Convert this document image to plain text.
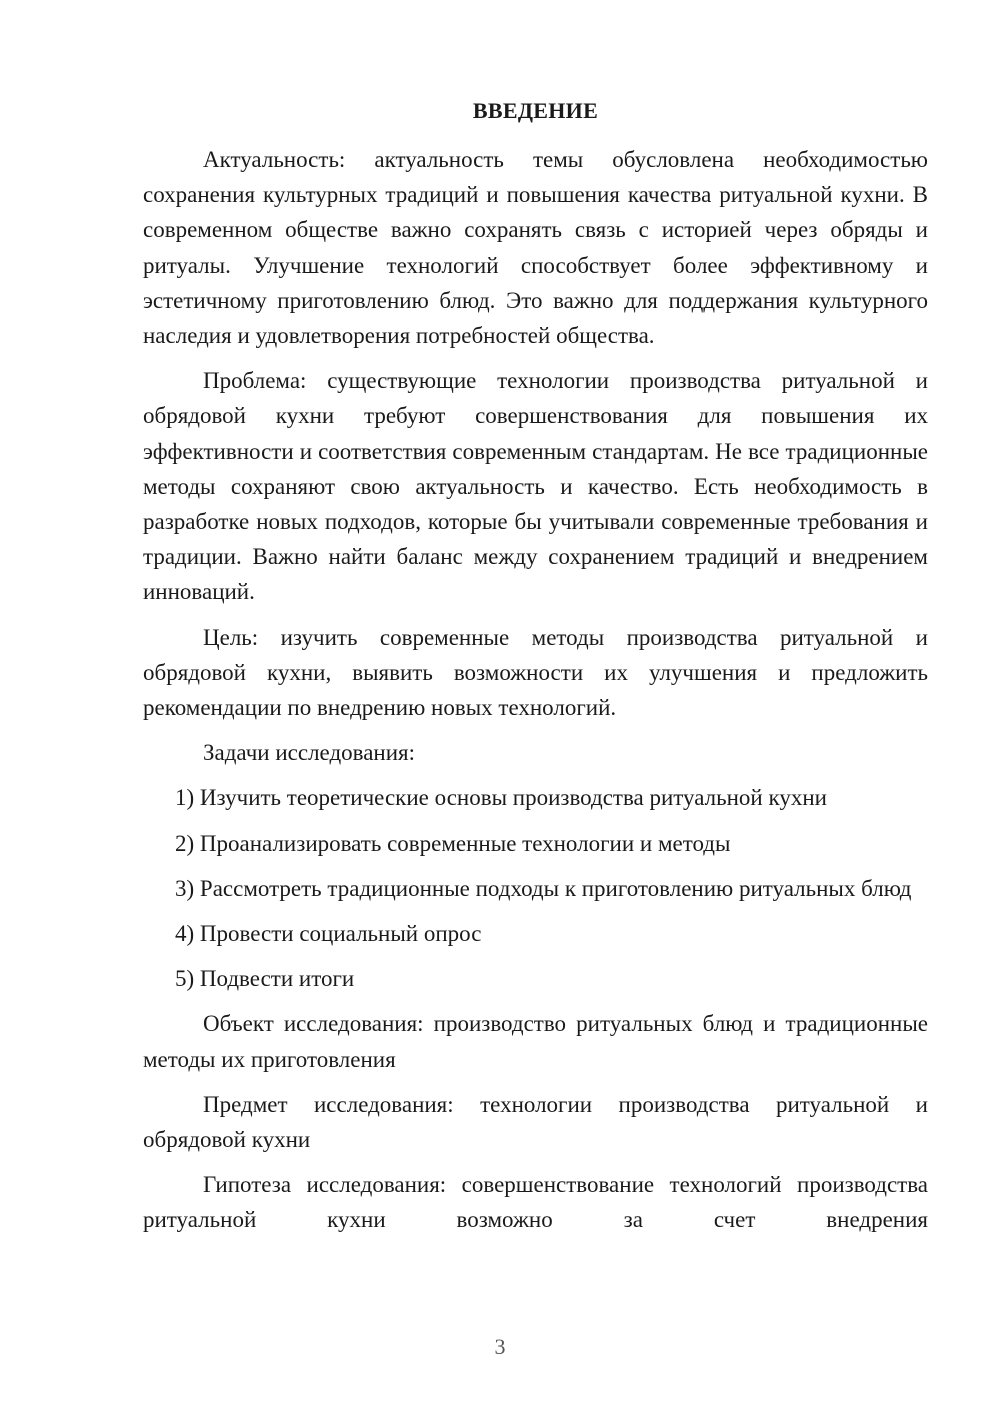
ВВЕДЕНИЕ

Актуальность: актуальность темы обусловлена необходимостью сохранения культурных традиций и повышения качества ритуальной кухни. В современном обществе важно сохранять связь с историей через обряды и ритуалы. Улучшение технологий способствует более эффективному и эстетичному приготовлению блюд. Это важно для поддержания культурного наследия и удовлетворения потребностей общества.

Проблема: существующие технологии производства ритуальной и обрядовой кухни требуют совершенствования для повышения их эффективности и соответствия современным стандартам. Не все традиционные методы сохраняют свою актуальность и качество. Есть необходимость в разработке новых подходов, которые бы учитывали современные требования и традиции. Важно найти баланс между сохранением традиций и внедрением инноваций.

Цель: изучить современные методы производства ритуальной и обрядовой кухни, выявить возможности их улучшения и предложить рекомендации по внедрению новых технологий.

Задачи исследования:

1) Изучить теоретические основы производства ритуальной кухни

2) Проанализировать современные технологии и методы

3) Рассмотреть традиционные подходы к приготовлению ритуальных блюд

4) Провести социальный опрос

5) Подвести итоги

Объект исследования: производство ритуальных блюд и традиционные методы их приготовления

Предмет исследования: технологии производства ритуальной и обрядовой кухни

Гипотеза исследования: совершенствование технологий производства ритуальной кухни возможно за счет внедрения

3
